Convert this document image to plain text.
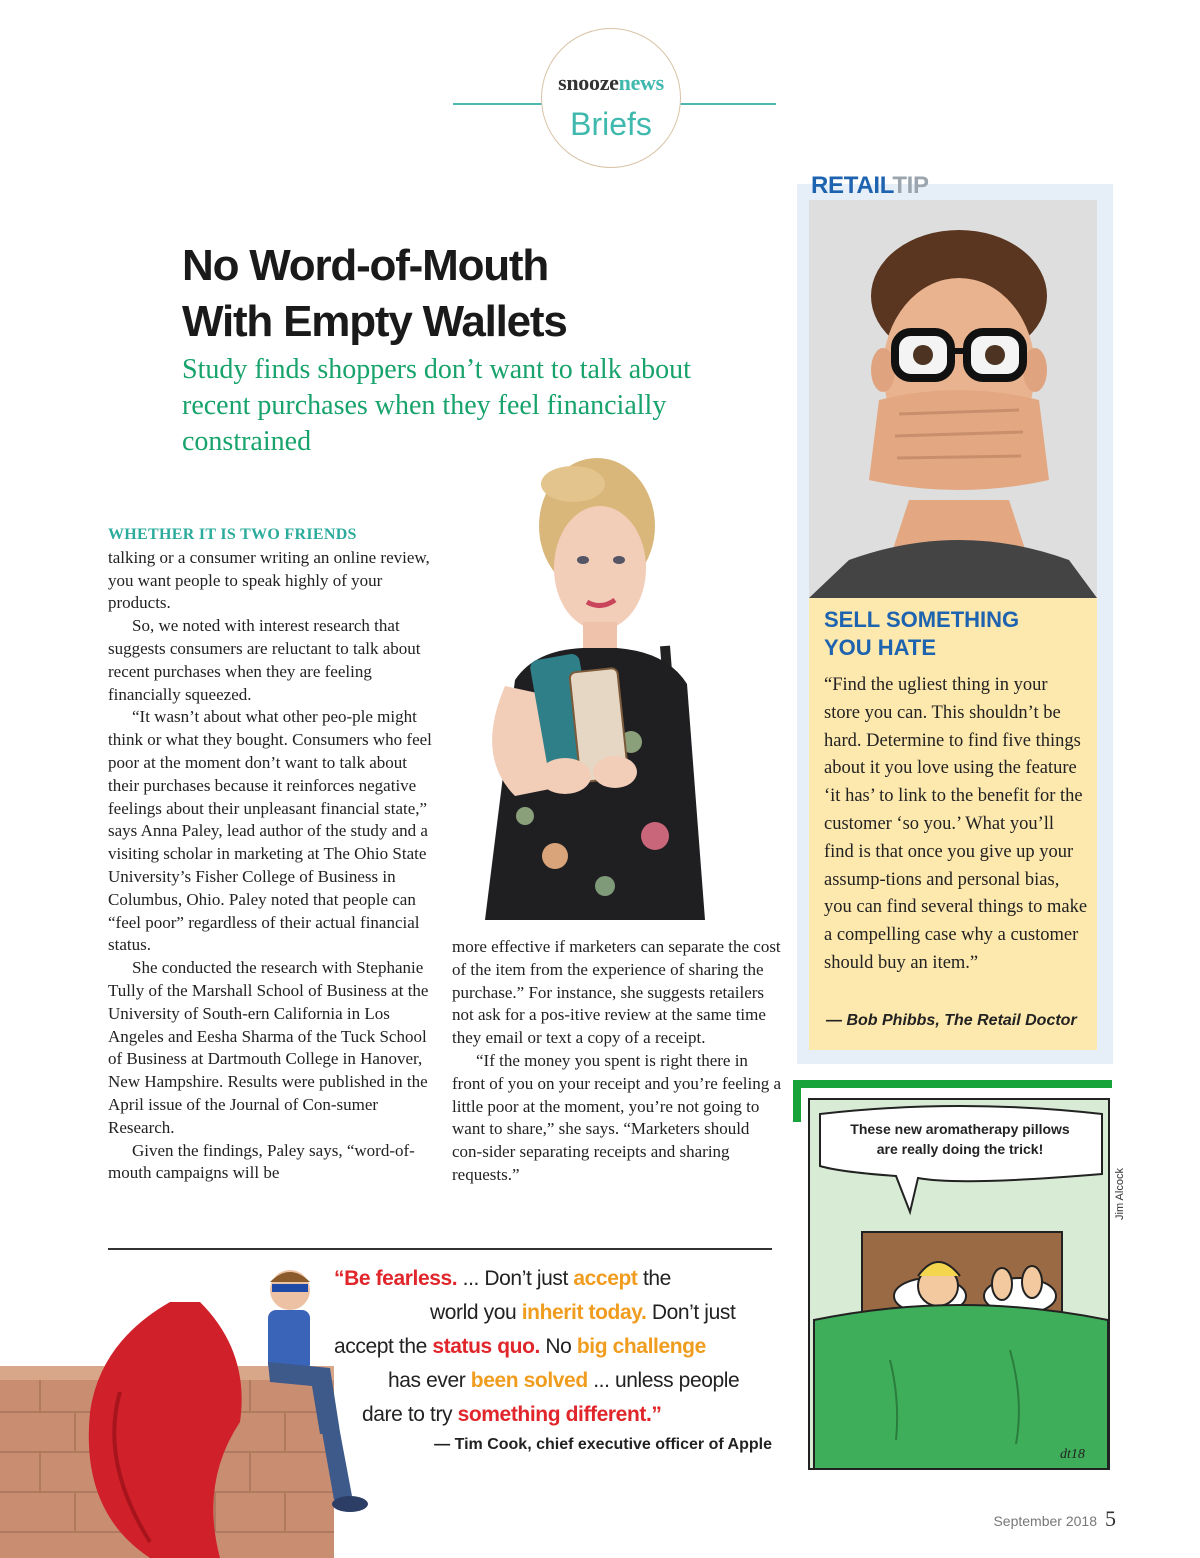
snoozenews
Briefs
No Word-of-Mouth
With Empty Wallets
Study finds shoppers don’t want to talk about recent purchases when they feel financially constrained
WHETHER IT IS TWO FRIENDS

talking or a consumer writing an online review, you want people to speak highly of your products.

So, we noted with interest research that suggests consumers are reluctant to talk about recent purchases when they are feeling financially squeezed.

“It wasn’t about what other peo-ple might think or what they bought. Consumers who feel poor at the moment don’t want to talk about their purchases because it reinforces negative feelings about their unpleasant financial state,” says Anna Paley, lead author of the study and a visiting scholar in marketing at The Ohio State University’s Fisher College of Business in Columbus, Ohio. Paley noted that people can “feel poor” regardless of their actual financial status.

She conducted the research with Stephanie Tully of the Marshall School of Business at the University of South-ern California in Los Angeles and Eesha Sharma of the Tuck School of Business at Dartmouth College in Hanover, New Hampshire. Results were published in the April issue of the Journal of Con-sumer Research.

Given the findings, Paley says, “word-of-mouth campaigns will be

more effective if marketers can separate the cost of the item from the experience of sharing the purchase.” For instance, she suggests retailers not ask for a pos-itive review at the same time they email or text a copy of a receipt.

“If the money you spent is right there in front of you on your receipt and you’re feeling a little poor at the moment, you’re not going to want to share,” she says. “Marketers should con-sider separating receipts and sharing requests.”

RETAILTIP
SELL SOMETHING
YOU HATE
“Find the ugliest thing in your store you can. This shouldn’t be hard. Determine to find five things about it you love using the feature ‘it has’ to link to the benefit for the customer ‘so you.’ What you’ll find is that once you give up your assump-tions and personal bias, you can find several things to make a compelling case why a customer should buy an item.”
— Bob Phibbs, The Retail Doctor
These new aromatherapy pillows
are really doing the trick!
dt18
Jim Alcock
“Be fearless. ... Don’t just accept the
world you inherit today. Don’t just
accept the status quo. No big challenge
has ever been solved ... unless people
dare to try something different.”
— Tim Cook, chief executive officer of Apple
September 2018 5
